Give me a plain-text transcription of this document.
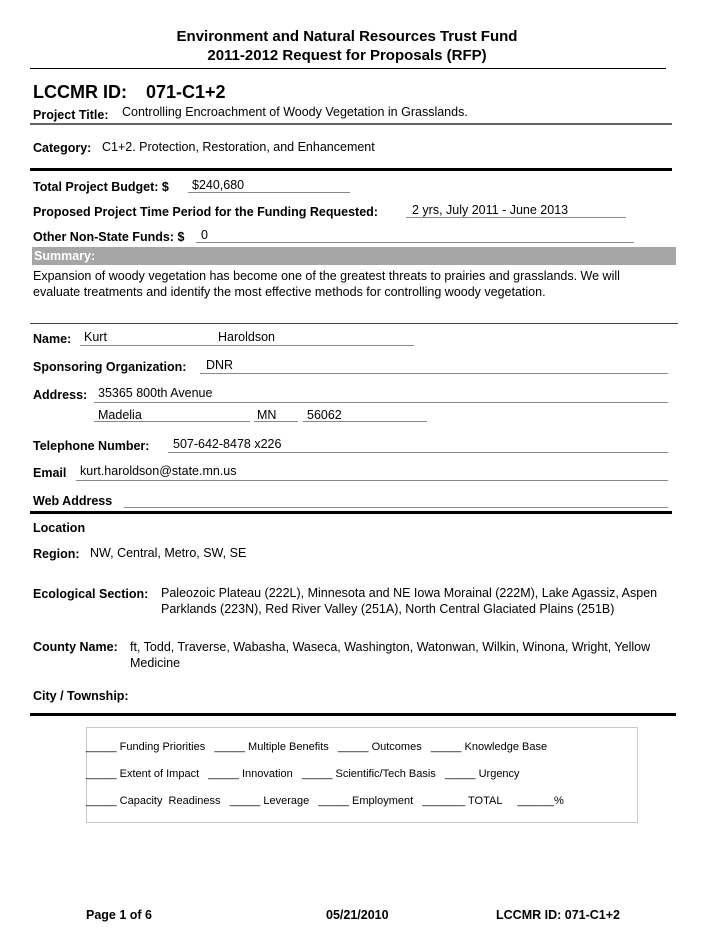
Environment and Natural Resources Trust Fund
2011-2012 Request for Proposals (RFP)
LCCMR ID: 071-C1+2
Project Title: Controlling Encroachment of Woody Vegetation in Grasslands.
Category: C1+2. Protection, Restoration, and Enhancement
Total Project Budget: $ $240,680
Proposed Project Time Period for the Funding Requested:	2 yrs, July 2011 - June 2013
Other Non-State Funds: $ 0
Summary:
Expansion of woody vegetation has become one of the greatest threats to prairies and grasslands. We will evaluate treatments and identify the most effective methods for controlling woody vegetation.
Name: Kurt	Haroldson
Sponsoring Organization: DNR
Address: 35365 800th Avenue
Madelia	MN 56062
Telephone Number: 507-642-8478 x226
Email kurt.haroldson@state.mn.us
Web Address
Location
Region: NW, Central, Metro, SW, SE
Ecological Section: Paleozoic Plateau (222L), Minnesota and NE Iowa Morainal (222M), Lake Agassiz, Aspen Parklands (223N), Red River Valley (251A), North Central Glaciated Plains (251B)
County Name: ft, Todd, Traverse, Wabasha, Waseca, Washington, Watonwan, Wilkin, Winona, Wright, Yellow Medicine
City / Township:
_____ Funding Priorities   _____ Multiple Benefits   _____ Outcomes   _____ Knowledge Base
_____ Extent of Impact   _____ Innovation   _____ Scientific/Tech Basis   _____ Urgency
_____ Capacity  Readiness   _____ Leverage   _____ Employment   _______ TOTAL     ______%
Page 1 of 6	05/21/2010	LCCMR ID: 071-C1+2
